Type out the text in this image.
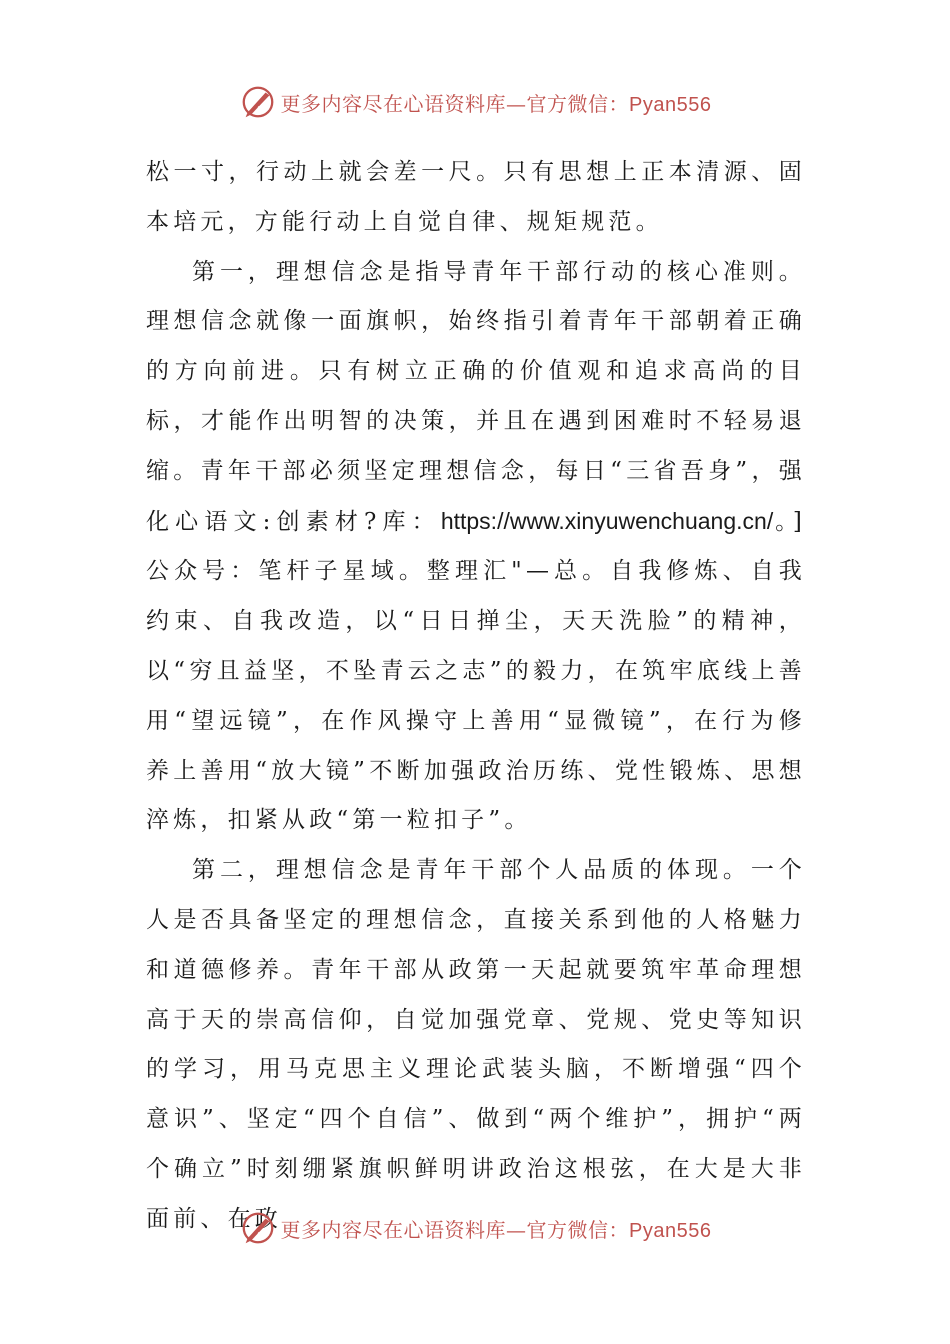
更多内容尽在心语资料库—官方微信：Pyan556

松一寸，行动上就会差一尺。只有思想上正本清源、固本培元，方能行动上自觉自律、规矩规范。

第一，理想信念是指导青年干部行动的核心准则。理想信念就像一面旗帜，始终指引着青年干部朝着正确的方向前进。只有树立正确的价值观和追求高尚的目标，才能作出明智的决策，并且在遇到困难时不轻易退缩。青年干部必须坚定理想信念，每日“三省吾身”，强化心语文:创素材?库：https://www.xinyuwenchuang.cn/。]公众号：笔杆子星域。整理汇"—总。自我修炼、自我约束、自我改造，以“日日掸尘，天天洗脸”的精神，以“穷且益坚，不坠青云之志”的毅力，在筑牢底线上善用“望远镜”，在作风操守上善用“显微镜”，在行为修养上善用“放大镜”不断加强政治历练、党性锻炼、思想淬炼，扣紧从政“第一粒扣子”。

第二，理想信念是青年干部个人品质的体现。一个人是否具备坚定的理想信念，直接关系到他的人格魅力和道德修养。青年干部从政第一天起就要筑牢革命理想高于天的崇高信仰，自觉加强党章、党规、党史等知识的学习，用马克思主义理论武装头脑，不断增强“四个意识”、坚定“四个自信”、做到“两个维护”，拥护“两个确立”时刻绷紧旗帜鲜明讲政治这根弦，在大是大非面前、在政

更多内容尽在心语资料库—官方微信：Pyan556
